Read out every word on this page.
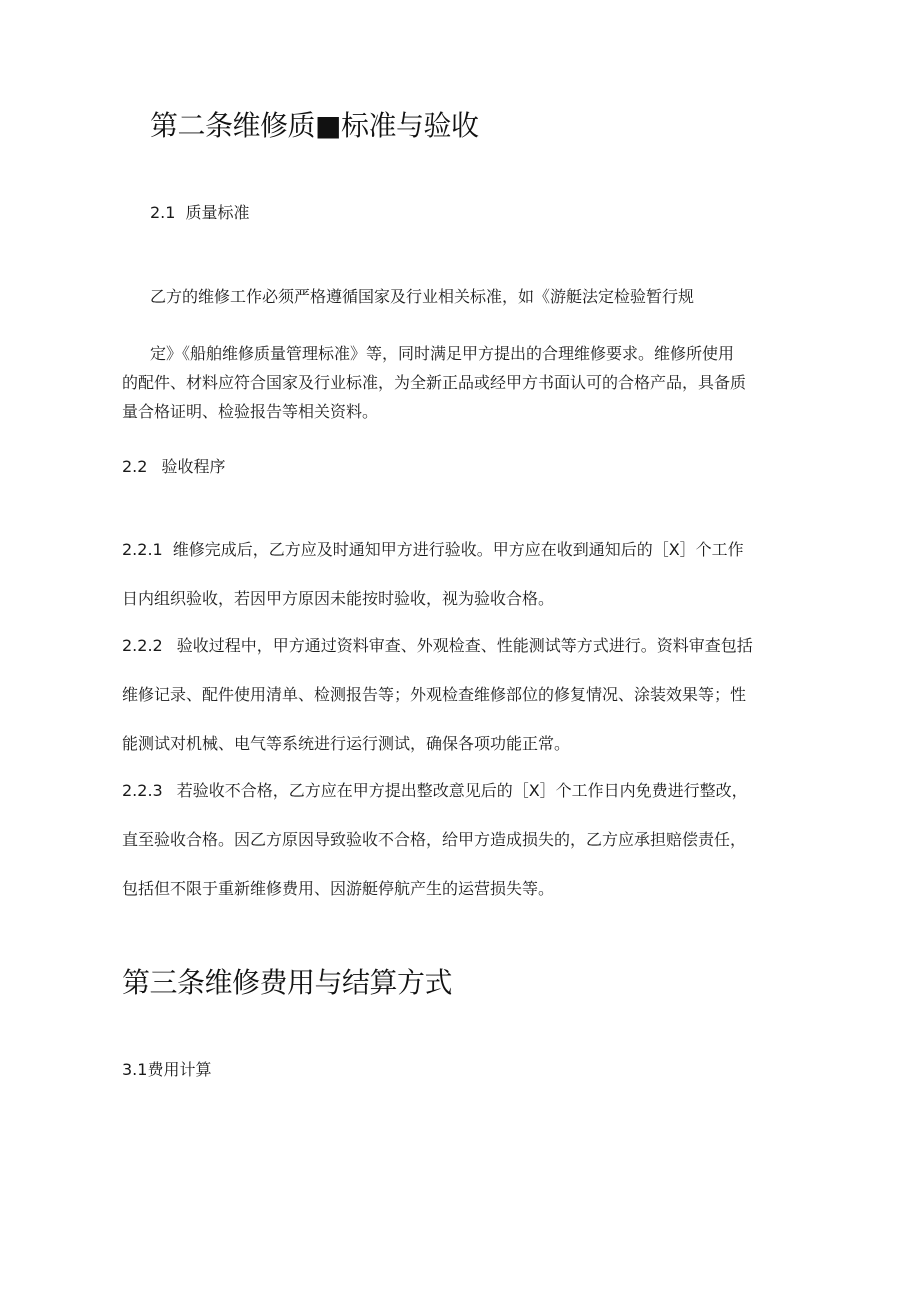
第二条维修质■标准与验收
2.1 质量标准

乙方的维修工作必须严格遵循国家及行业相关标准，如《游艇法定检验暂行规

定》《船舶维修质量管理标准》等，同时满足甲方提出的合理维修要求。维修所使用

的配件、材料应符合国家及行业标准，为全新正品或经甲方书面认可的合格产品，具备质

量合格证明、检验报告等相关资料。

2.2 验收程序
2.2.1 维修完成后，乙方应及时通知甲方进行验收。甲方应在收到通知后的［X］个工作

日内组织验收，若因甲方原因未能按时验收，视为验收合格。

2.2.2 验收过程中，甲方通过资料审查、外观检查、性能测试等方式进行。资料审查包括

维修记录、配件使用清单、检测报告等；外观检查维修部位的修复情况、涂装效果等；性

能测试对机械、电气等系统进行运行测试，确保各项功能正常。

2.2.3 若验收不合格，乙方应在甲方提出整改意见后的［X］个工作日内免费进行整改，

直至验收合格。因乙方原因导致验收不合格，给甲方造成损失的，乙方应承担赔偿责任，

包括但不限于重新维修费用、因游艇停航产生的运营损失等。

第三条维修费用与结算方式

3.1费用计算
